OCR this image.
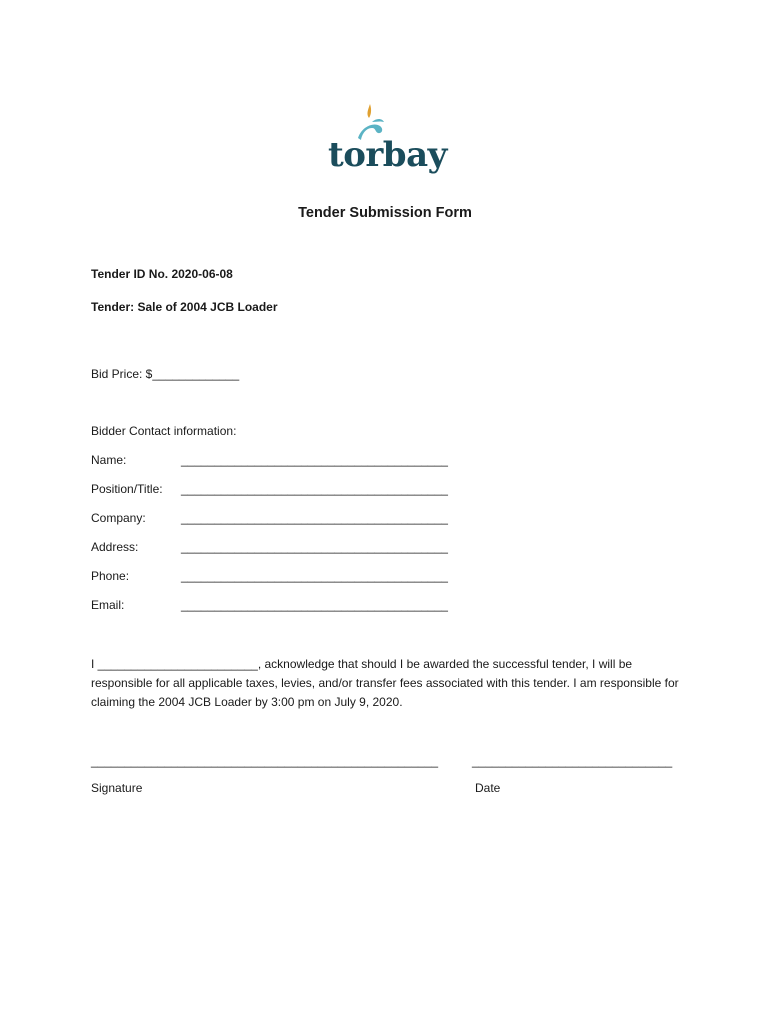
torbay
Tender Submission Form
Tender ID No. 2020-06-08
Tender: Sale of 2004 JCB Loader
Bid Price: $_____________
Bidder Contact information:
Name:	________________________________________
Position/Title: ________________________________________
Company:	________________________________________
Address:	________________________________________
Phone:	________________________________________
Email:	________________________________________
I ________________________, acknowledge that should I be awarded the successful tender, I will be responsible for all applicable taxes, levies, and/or transfer fees associated with this tender. I am responsible for claiming the 2004 JCB Loader by 3:00 pm on July 9, 2020.
____________________________________________________	______________________________
Signature	Date
